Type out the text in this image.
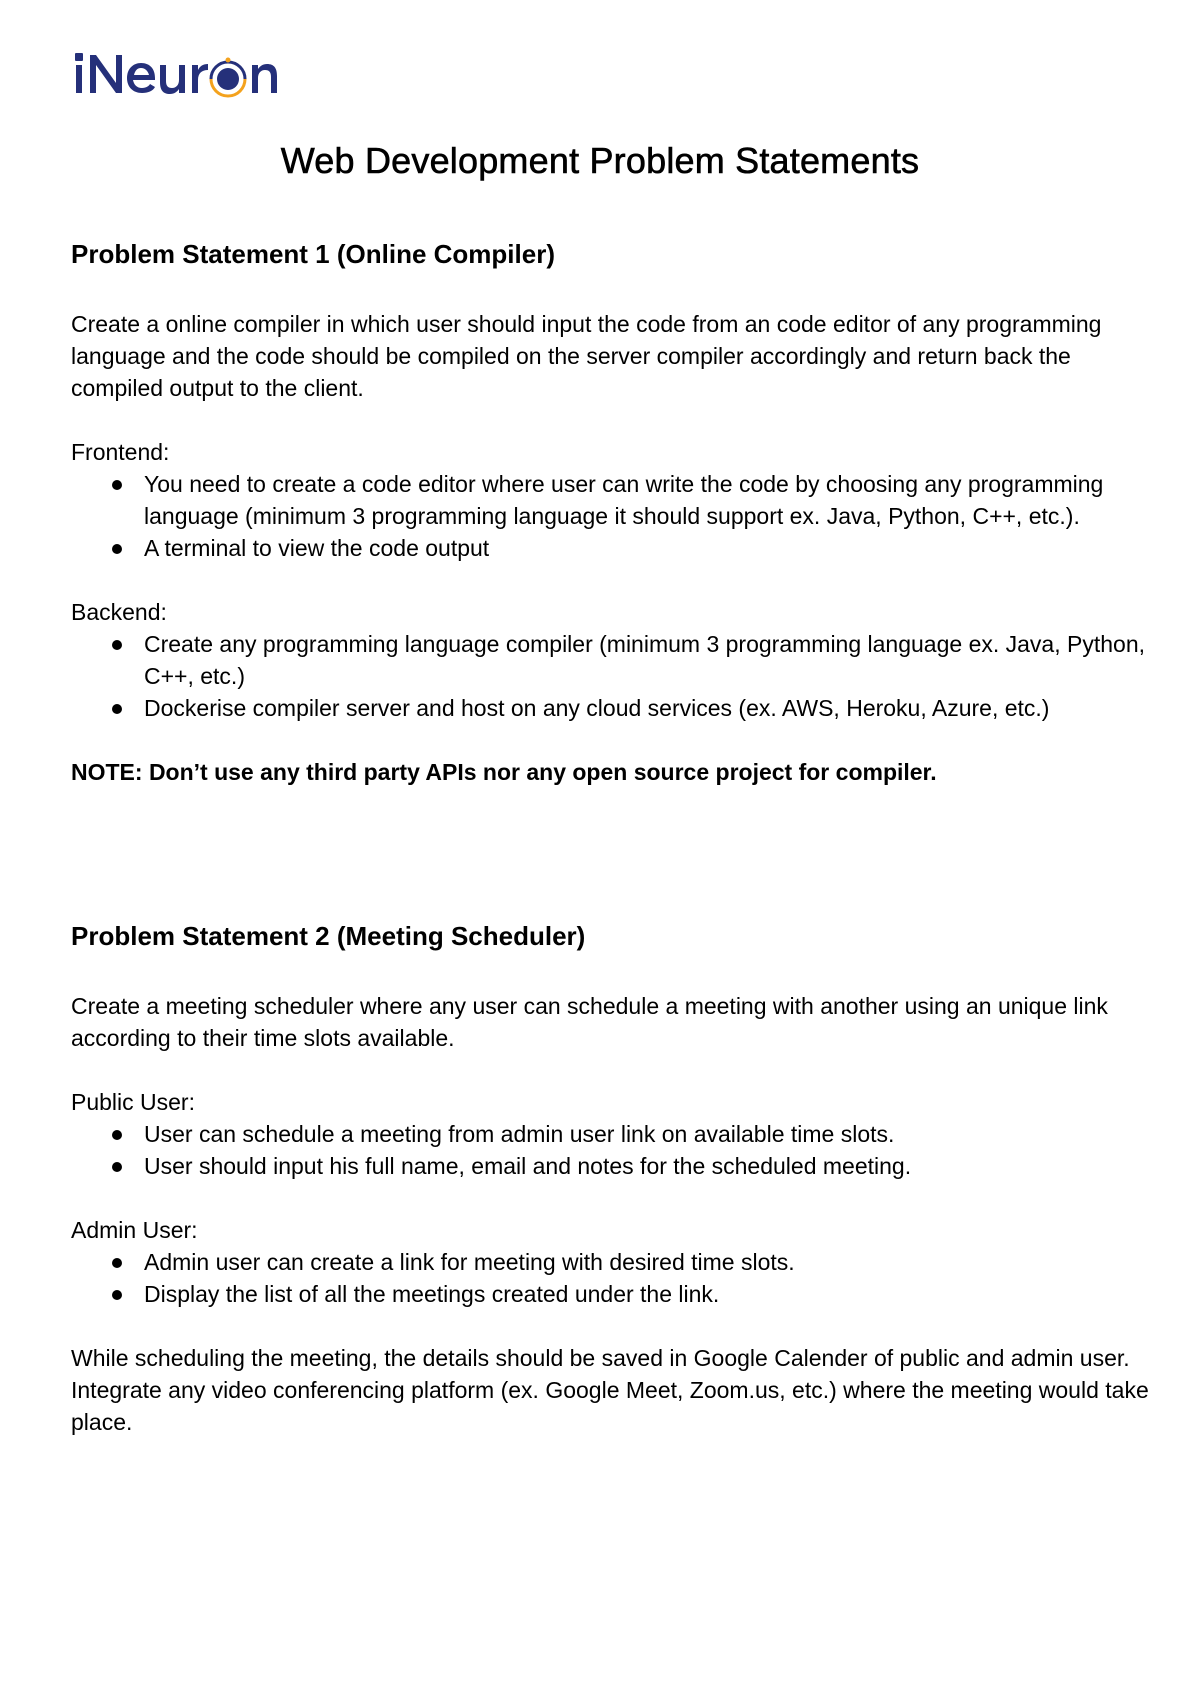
Web Development Problem Statements
Problem Statement 1 (Online Compiler)

Create a online compiler in which user should input the code from an code editor of any programming language and the code should be compiled on the server compiler accordingly and return back the compiled output to the client.

Frontend:

You need to create a code editor where user can write the code by choosing any programming language (minimum 3 programming language it should support ex. Java, Python, C++, etc.).
A terminal to view the code output

Backend:

Create any programming language compiler (minimum 3 programming language ex. Java, Python, C++, etc.)
Dockerise compiler server and host on any cloud services (ex. AWS, Heroku, Azure, etc.)

NOTE: Don’t use any third party APIs nor any open source project for compiler.

Problem Statement 2 (Meeting Scheduler)

Create a meeting scheduler where any user can schedule a meeting with another using an unique link according to their time slots available.

Public User:

User can schedule a meeting from admin user link on available time slots.
User should input his full name, email and notes for the scheduled meeting.

Admin User:

Admin user can create a link for meeting with desired time slots.
Display the list of all the meetings created under the link.

While scheduling the meeting, the details should be saved in Google Calender of public and admin user. Integrate any video conferencing platform (ex. Google Meet, Zoom.us, etc.) where the meeting would take place.
